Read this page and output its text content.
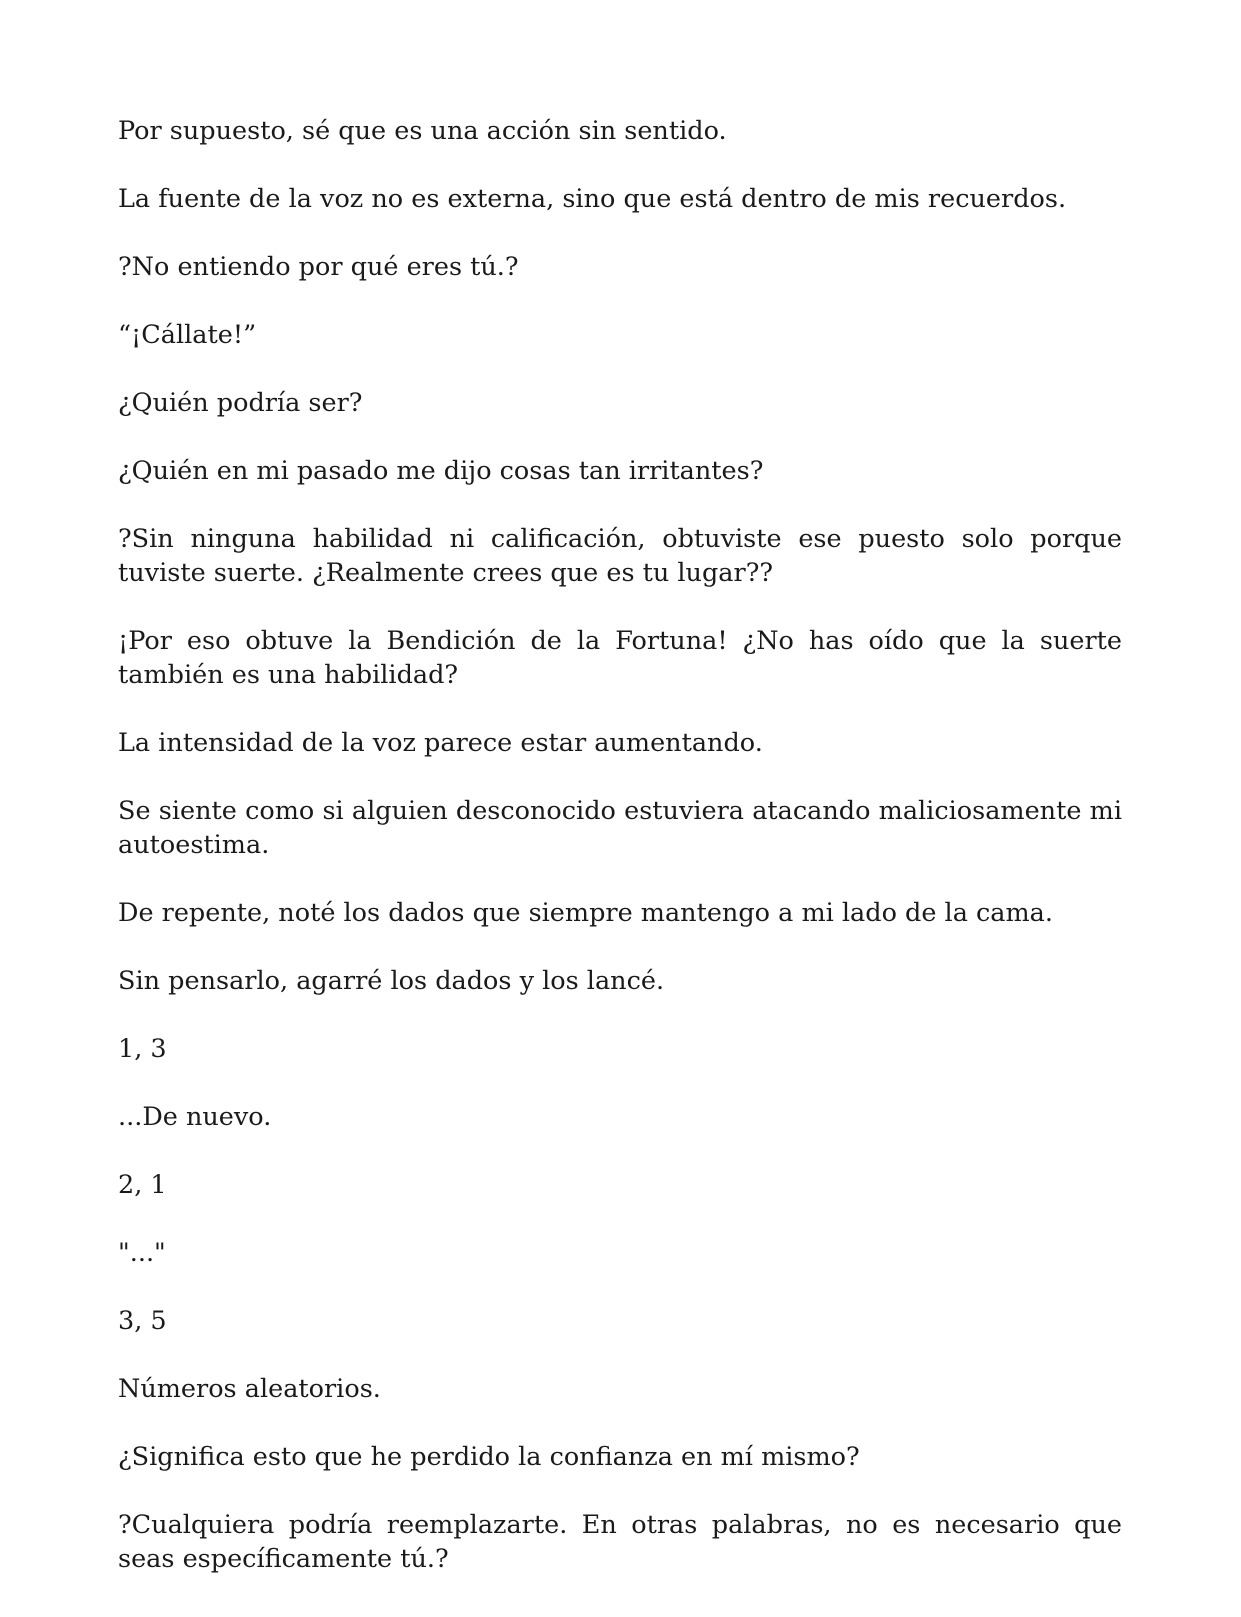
Por supuesto, sé que es una acción sin sentido.

La fuente de la voz no es externa, sino que está dentro de mis recuerdos.

?No entiendo por qué eres tú.?

“¡Cállate!”

¿Quién podría ser?

¿Quién en mi pasado me dijo cosas tan irritantes?

?Sin ninguna habilidad ni calificación, obtuviste ese puesto solo porque tuviste suerte. ¿Realmente crees que es tu lugar??

¡Por eso obtuve la Bendición de la Fortuna! ¿No has oído que la suerte también es una habilidad?

La intensidad de la voz parece estar aumentando.

Se siente como si alguien desconocido estuviera atacando maliciosamente mi autoestima.

De repente, noté los dados que siempre mantengo a mi lado de la cama.

Sin pensarlo, agarré los dados y los lancé.

1, 3

...De nuevo.

2, 1

"..."

3, 5

Números aleatorios.

¿Significa esto que he perdido la confianza en mí mismo?

?Cualquiera podría reemplazarte. En otras palabras, no es necesario que seas específicamente tú.?
